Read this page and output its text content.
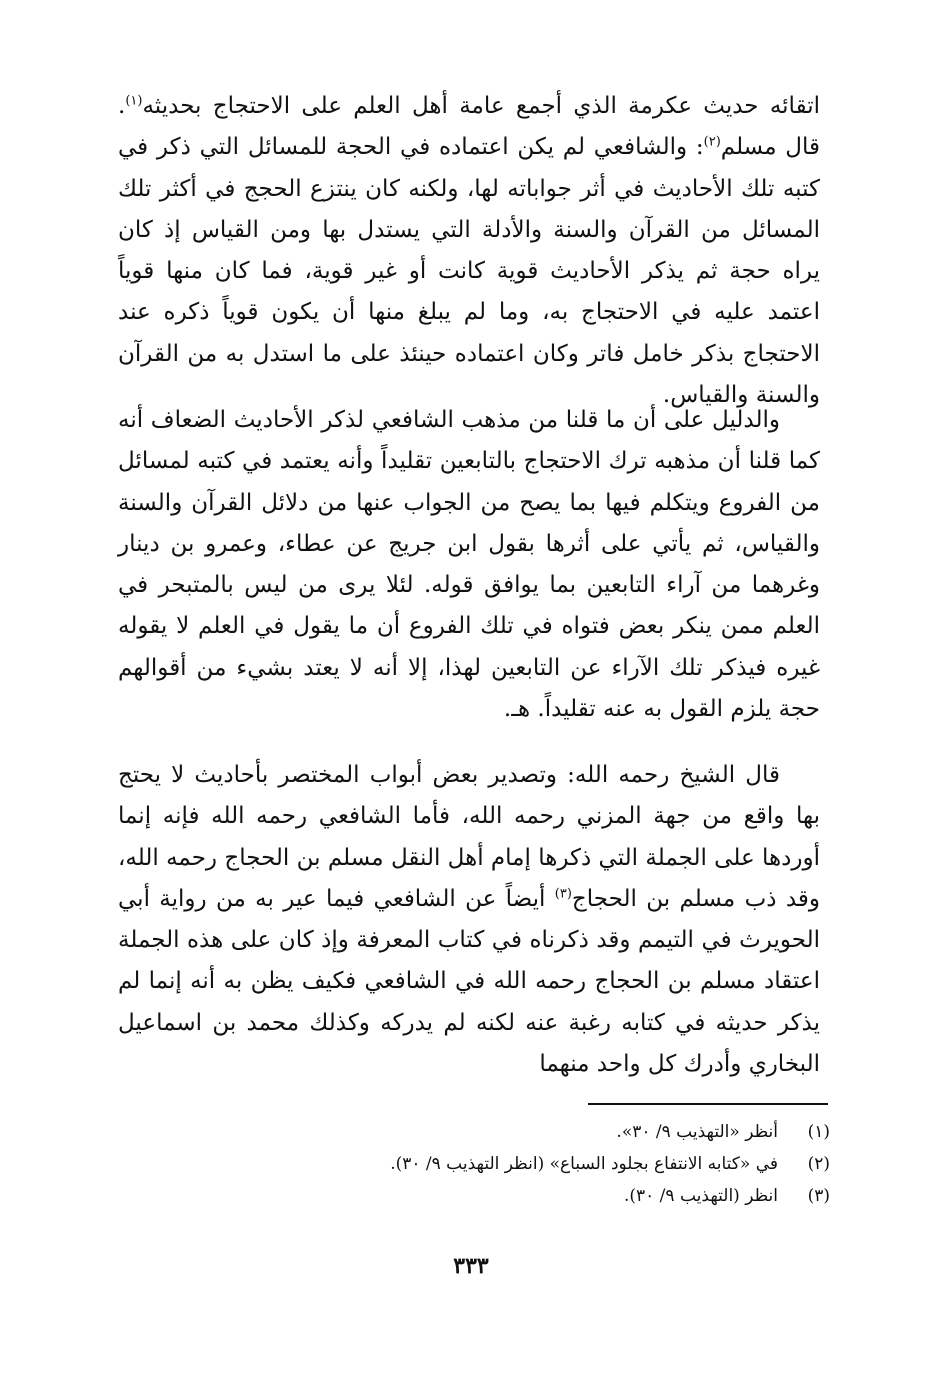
اتقائه حديث عكرمة الذي أجمع عامة أهل العلم على الاحتجاج بحديثه$^{(١)}$. قال مسلم$^{(٢)}$: والشافعي لم يكن اعتماده في الحجة للمسائل التي ذكر في كتبه تلك الأحاديث في أثر جواباته لها، ولكنه كان ينتزع الحجج في أكثر تلك المسائل من القرآن والسنة والأدلة التي يستدل بها ومن القياس إذ كان يراه حجة ثم يذكر الأحاديث قوية كانت أو غير قوية، فما كان منها قوياً اعتمد عليه في الاحتجاج به، وما لم يبلغ منها أن يكون قوياً ذكره عند الاحتجاج بذكر خامل فاتر وكان اعتماده حينئذ على ما استدل به من القرآن والسنة والقياس.

والدليل على أن ما قلنا من مذهب الشافعي لذكر الأحاديث الضعاف أنه كما قلنا أن مذهبه ترك الاحتجاج بالتابعين تقليداً وأنه يعتمد في كتبه لمسائل من الفروع ويتكلم فيها بما يصح من الجواب عنها من دلائل القرآن والسنة والقياس، ثم يأتي على أثرها بقول ابن جريج عن عطاء، وعمرو بن دينار وغرهما من آراء التابعين بما يوافق قوله. لئلا يرى من ليس بالمتبحر في العلم ممن ينكر بعض فتواه في تلك الفروع أن ما يقول في العلم لا يقوله غيره فيذكر تلك الآراء عن التابعين لهذا، إلا أنه لا يعتد بشيء من أقوالهم حجة يلزم القول به عنه تقليداً. هـ.

قال الشيخ رحمه الله: وتصدير بعض أبواب المختصر بأحاديث لا يحتج بها واقع من جهة المزني رحمه الله، فأما الشافعي رحمه الله فإنه إنما أوردها على الجملة التي ذكرها إمام أهل النقل مسلم بن الحجاج رحمه الله، وقد ذب مسلم بن الحجاج$^{(٣)}$ أيضاً عن الشافعي فيما عير به من رواية أبي الحويرث في التيمم وقد ذكرناه في كتاب المعرفة وإذ كان على هذه الجملة اعتقاد مسلم بن الحجاج رحمه الله في الشافعي فكيف يظن به أنه إنما لم يذكر حديثه في كتابه رغبة عنه لكنه لم يدركه وكذلك محمد بن اسماعيل البخاري وأدرك كل واحد منهما

(١)
أنظر «التهذيب ٩/ ٣٠».
(٢)
في «كتابه الانتفاع بجلود السباع» (انظر التهذيب ٩/ ٣٠).
(٣)
انظر (التهذيب ٩/ ٣٠).
٣٣٣
